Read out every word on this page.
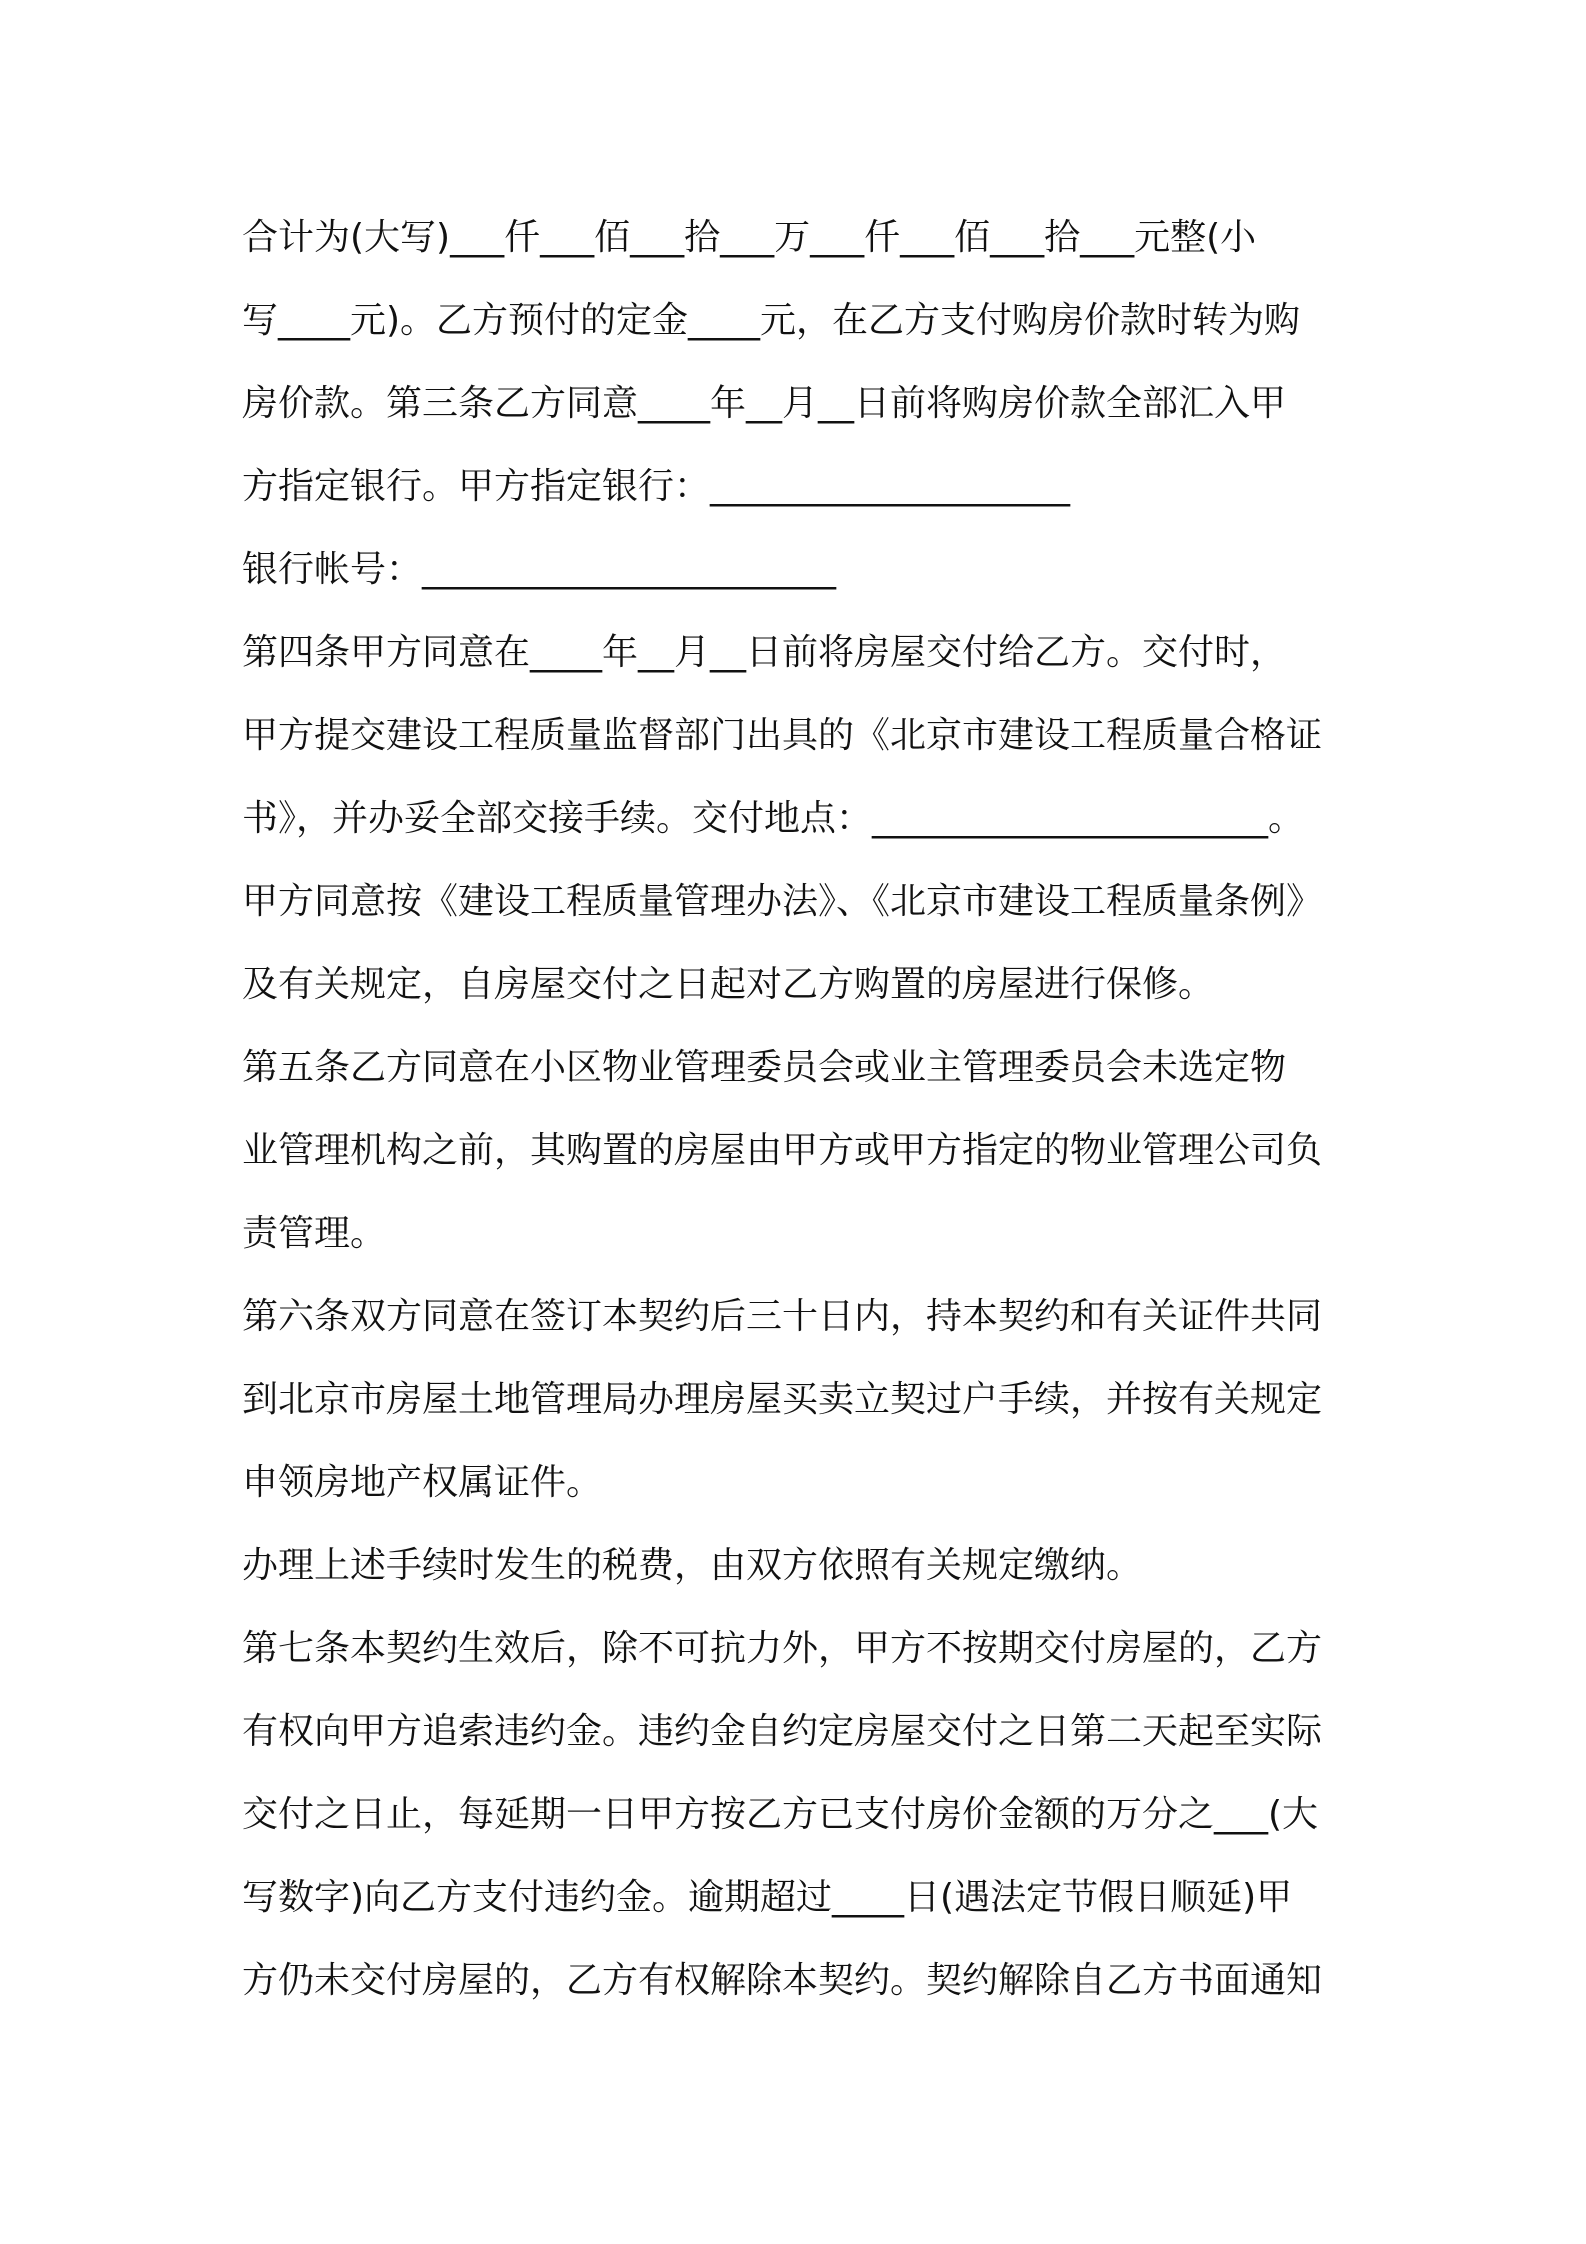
合计为(大写)___仟___佰___拾___万___仟___佰___拾___元整(小
写____元)。乙方预付的定金____元，在乙方支付购房价款时转为购
房价款。第三条乙方同意____年__月__日前将购房价款全部汇入甲
方指定银行。甲方指定银行：____________________
银行帐号：_______________________
第四条甲方同意在____年__月__日前将房屋交付给乙方。交付时，
甲方提交建设工程质量监督部门出具的《北京市建设工程质量合格证
书》，并办妥全部交接手续。交付地点：______________________。
甲方同意按《建设工程质量管理办法》、《北京市建设工程质量条例》
及有关规定，自房屋交付之日起对乙方购置的房屋进行保修。
第五条乙方同意在小区物业管理委员会或业主管理委员会未选定物
业管理机构之前，其购置的房屋由甲方或甲方指定的物业管理公司负
责管理。
第六条双方同意在签订本契约后三十日内，持本契约和有关证件共同
到北京市房屋土地管理局办理房屋买卖立契过户手续，并按有关规定
申领房地产权属证件。
办理上述手续时发生的税费，由双方依照有关规定缴纳。
第七条本契约生效后，除不可抗力外，甲方不按期交付房屋的，乙方
有权向甲方追索违约金。违约金自约定房屋交付之日第二天起至实际
交付之日止，每延期一日甲方按乙方已支付房价金额的万分之___(大
写数字)向乙方支付违约金。逾期超过____日(遇法定节假日顺延)甲
方仍未交付房屋的，乙方有权解除本契约。契约解除自乙方书面通知
